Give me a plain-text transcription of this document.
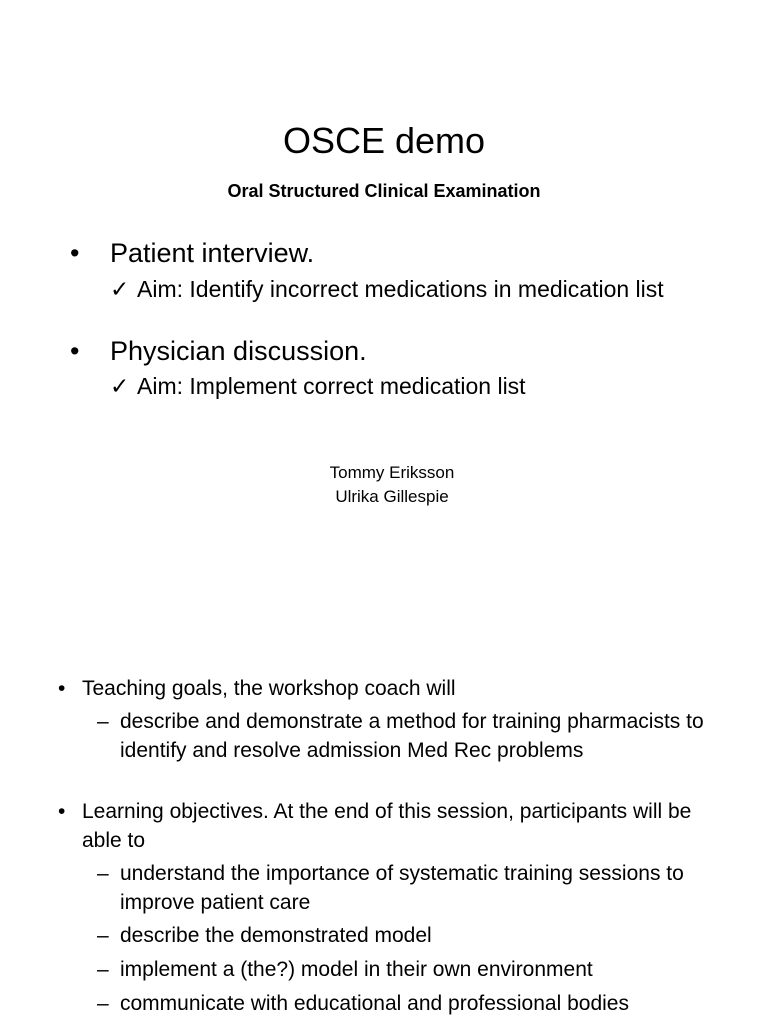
OSCE demo
Oral Structured Clinical Examination
• Patient interview.
✓ Aim: Identify incorrect medications in medication list
• Physician discussion.
✓ Aim: Implement correct medication list
Tommy Eriksson
Ulrika Gillespie
• Teaching goals, the workshop coach will
– describe and demonstrate a method for training pharmacists to identify and resolve admission Med Rec problems
• Learning objectives. At the end of this session, participants will be able to
– understand the importance of systematic training sessions to improve patient care
– describe the demonstrated model
– implement a (the?) model in their own environment
– communicate with educational and professional bodies
